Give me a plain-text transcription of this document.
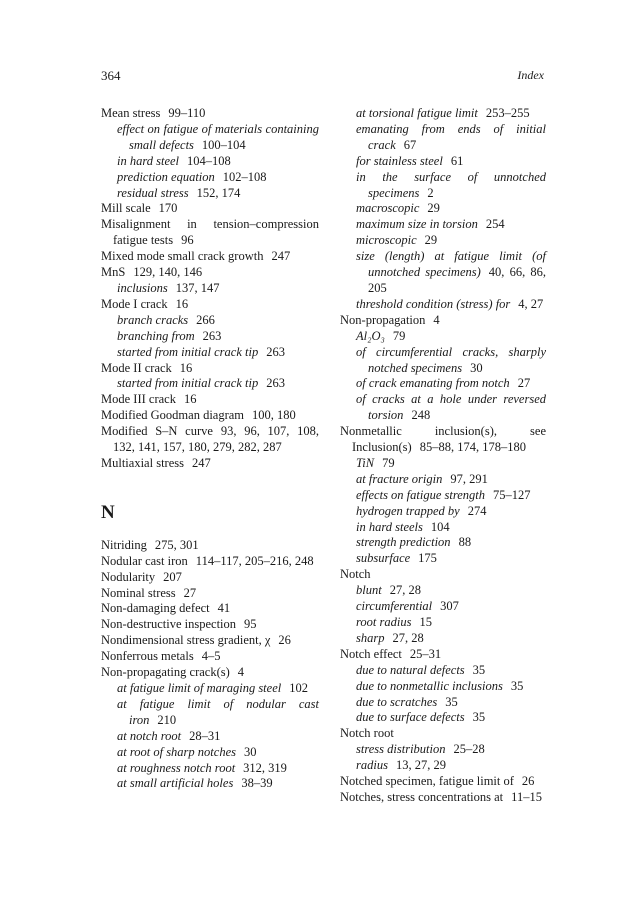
364	Index
Mean stress 99–110
effect on fatigue of materials containing small defects 100–104
in hard steel 104–108
prediction equation 102–108
residual stress 152, 174
Mill scale 170
Misalignment in tension–compression fatigue tests 96
Mixed mode small crack growth 247
MnS 129, 140, 146
inclusions 137, 147
Mode I crack 16
branch cracks 266
branching from 263
started from initial crack tip 263
Mode II crack 16
started from initial crack tip 263
Mode III crack 16
Modified Goodman diagram 100, 180
Modified S–N curve 93, 96, 107, 108, 132, 141, 157, 180, 279, 282, 287
Multiaxial stress 247
N
Nitriding 275, 301
Nodular cast iron 114–117, 205–216, 248
Nodularity 207
Nominal stress 27
Non-damaging defect 41
Non-destructive inspection 95
Nondimensional stress gradient, χ 26
Nonferrous metals 4–5
Non-propagating crack(s) 4
at fatigue limit of maraging steel 102
at fatigue limit of nodular cast iron 210
at notch root 28–31
at root of sharp notches 30
at roughness notch root 312, 319
at small artificial holes 38–39
at torsional fatigue limit 253–255
emanating from ends of initial crack 67
for stainless steel 61
in the surface of unnotched specimens 2
macroscopic 29
maximum size in torsion 254
microscopic 29
size (length) at fatigue limit (of unnotched specimens) 40, 66, 86, 205
threshold condition (stress) for 4, 27
Non-propagation 4
Al₂O₃ 79
of circumferential cracks, sharply notched specimens 30
of crack emanating from notch 27
of cracks at a hole under reversed torsion 248
Nonmetallic inclusion(s), see Inclusion(s) 85–88, 174, 178–180
TiN 79
at fracture origin 97, 291
effects on fatigue strength 75–127
hydrogen trapped by 274
in hard steels 104
strength prediction 88
subsurface 175
Notch
blunt 27, 28
circumferential 307
root radius 15
sharp 27, 28
Notch effect 25–31
due to natural defects 35
due to nonmetallic inclusions 35
due to scratches 35
due to surface defects 35
Notch root
stress distribution 25–28
radius 13, 27, 29
Notched specimen, fatigue limit of 26
Notches, stress concentrations at 11–15
